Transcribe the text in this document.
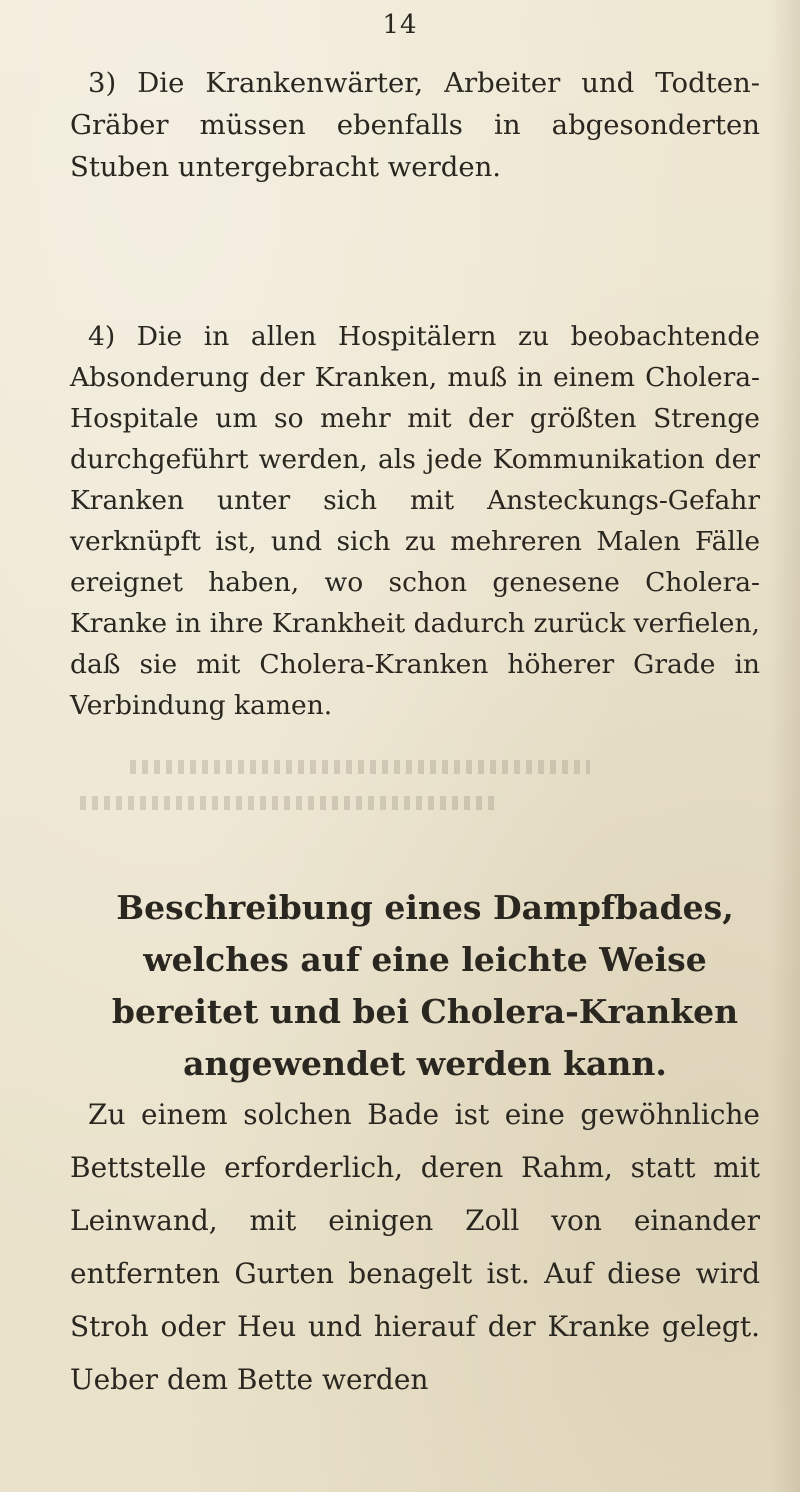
14

3) Die Krankenwärter, Arbeiter und Todten-Gräber müssen ebenfalls in abgesonderten Stuben untergebracht werden.

4) Die in allen Hospitälern zu beobachtende Absonderung der Kranken, muß in einem Cholera-Hospitale um so mehr mit der größten Strenge durchgeführt werden, als jede Kommunikation der Kranken unter sich mit Ansteckungs-Gefahr verknüpft ist, und sich zu mehreren Malen Fälle ereignet haben, wo schon genesene Cholera-Kranke in ihre Krankheit dadurch zurück verfielen, daß sie mit Cholera-Kranken höherer Grade in Verbindung kamen.

Beschreibung eines Dampfbades, welches auf eine leichte Weise bereitet und bei Cholera-Kranken angewendet werden kann.

Zu einem solchen Bade ist eine gewöhnliche Bettstelle erforderlich, deren Rahm, statt mit Leinwand, mit einigen Zoll von einander entfernten Gurten benagelt ist. Auf diese wird Stroh oder Heu und hierauf der Kranke gelegt. Ueber dem Bette werden
